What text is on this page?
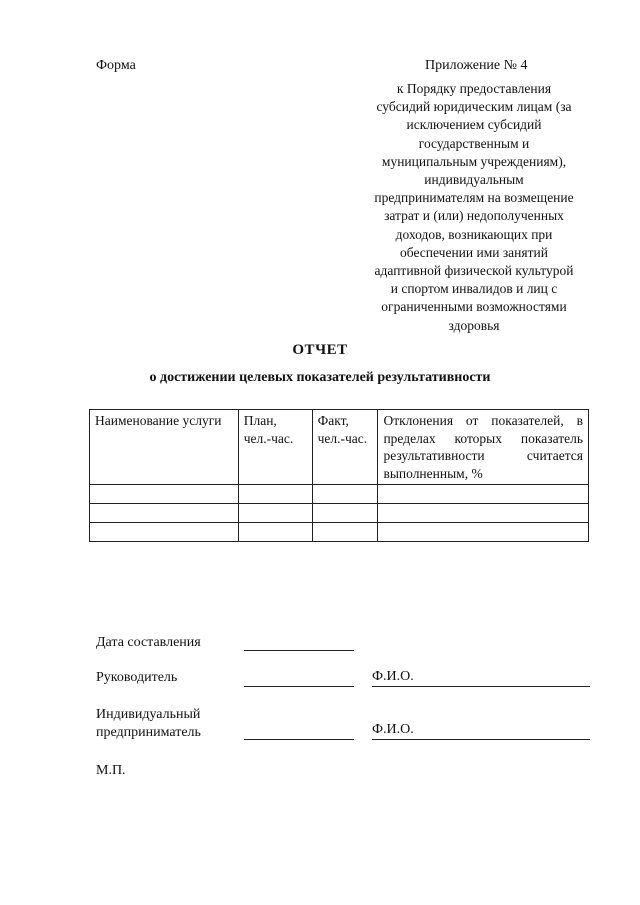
Форма	Приложение № 4
к Порядку предоставления
субсидий юридическим лицам (за
исключением субсидий
государственным и
муниципальным учреждениям),
индивидуальным
предпринимателям на возмещение
затрат и (или) недополученных
доходов, возникающих при
обеспечении ими занятий
адаптивной физической культурой
и спортом инвалидов и лиц с
ограниченными возможностями
здоровья
ОТЧЕТ
о достижении целевых показателей результативности
Наименование услуги	План, чел.-час.	Факт, чел.-час.	Отклонения от показателей, в пределах которых показатель результативности считается выполненным, %

Дата составления
Руководитель	Ф.И.О.
Индивидуальный
предприниматель	Ф.И.О.
М.П.
